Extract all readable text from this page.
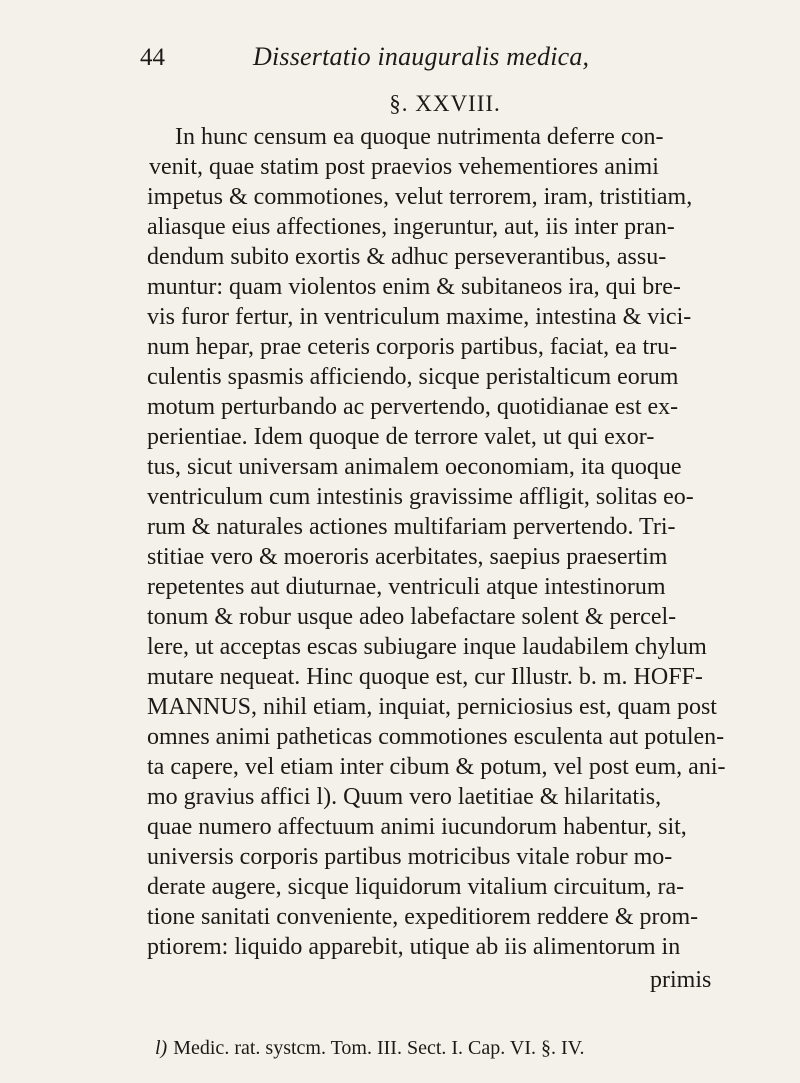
44	Dissertatio inauguralis medica,
§. XXVIII.
In hunc censum ea quoque nutrimenta deferre con-
venit, quae statim post praevios vehementiores animi
impetus & commotiones, velut terrorem, iram, tristitiam,
aliasque eius affectiones, ingeruntur, aut, iis inter pran-
dendum subito exortis & adhuc perseverantibus, assu-
muntur: quam violentos enim & subitaneos ira, qui bre-
vis furor fertur, in ventriculum maxime, intestina & vici-
num hepar, prae ceteris corporis partibus, faciat, ea tru-
culentis spasmis afficiendo, sicque peristalticum eorum
motum perturbando ac pervertendo, quotidianae est ex-
perientiae. Idem quoque de terrore valet, ut qui exor-
tus, sicut universam animalem oeconomiam, ita quoque
ventriculum cum intestinis gravissime affligit, solitas eo-
rum & naturales actiones multifariam pervertendo. Tri-
stitiae vero & moeroris acerbitates, saepius praesertim
repetentes aut diuturnae, ventriculi atque intestinorum
tonum & robur usque adeo labefactare solent & percel-
lere, ut acceptas escas subiugare inque laudabilem chylum
mutare nequeat. Hinc quoque est, cur Illustr. b. m. HOFF-
MANNUS, nihil etiam, inquiat, perniciosius est, quam post
omnes animi patheticas commotiones esculenta aut potulen-
ta capere, vel etiam inter cibum & potum, vel post eum, ani-
mo gravius affici l). Quum vero laetitiae & hilaritatis,
quae numero affectuum animi iucundorum habentur, sit,
universis corporis partibus motricibus vitale robur mo-
derate augere, sicque liquidorum vitalium circuitum, ra-
tione sanitati conveniente, expeditiorem reddere & prom-
ptiorem: liquido apparebit, utique ab iis alimentorum in
primis

l) Medic. rat. systcm. Tom. III. Sect. I. Cap. VI. §. IV.
